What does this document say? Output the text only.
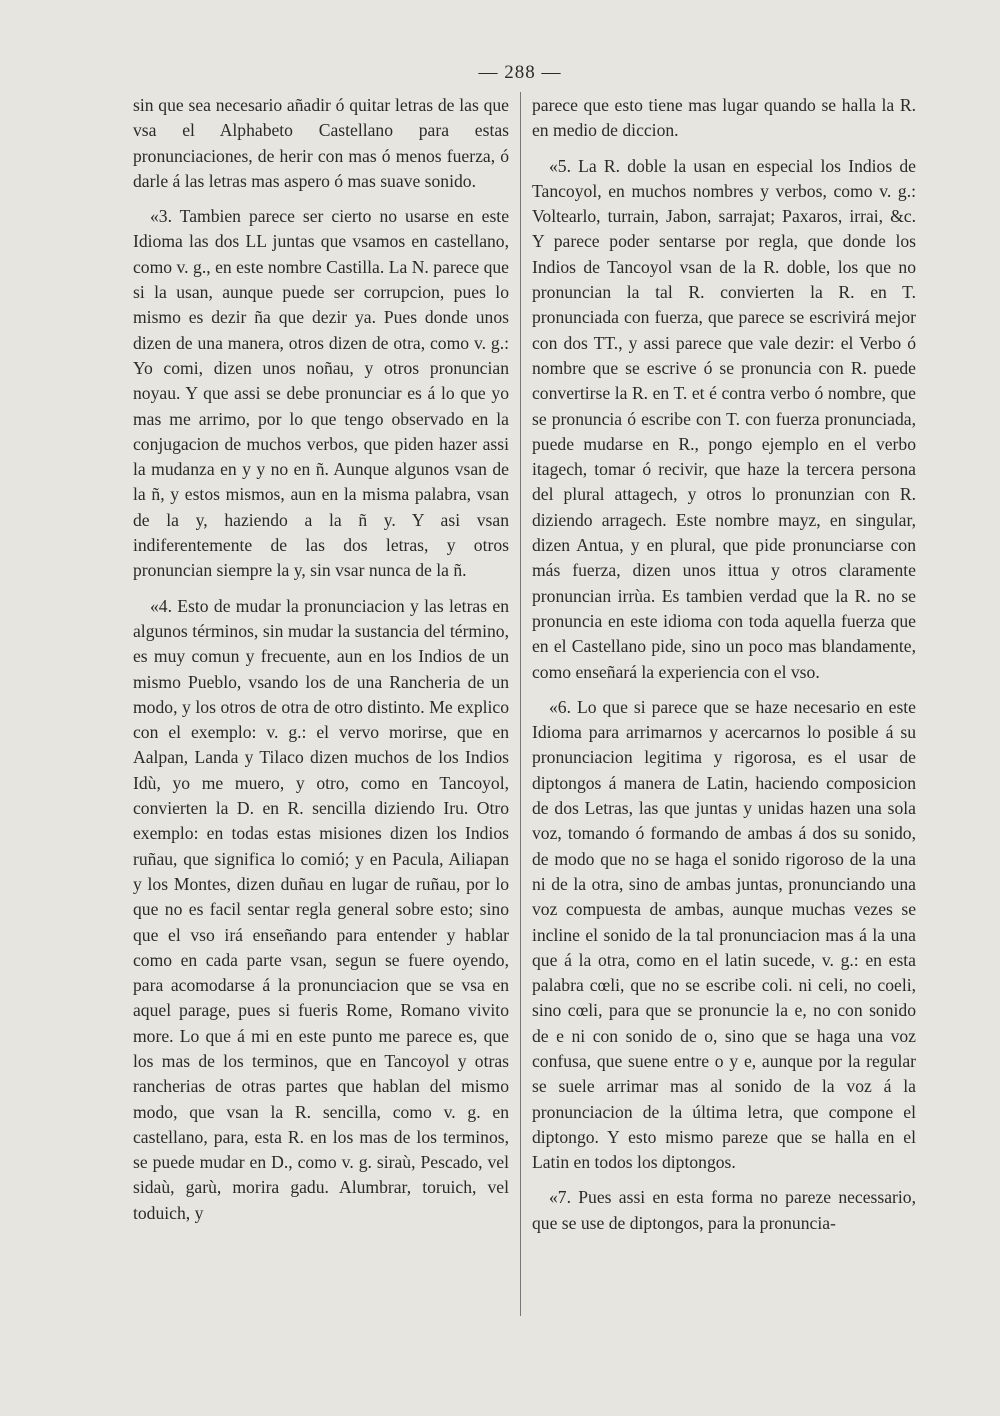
— 288 —

sin que sea necesario añadir ó quitar letras de las que vsa el Alphabeto Castellano para estas pronunciaciones, de herir con mas ó menos fuerza, ó darle á las letras mas aspero ó mas suave sonido.

«3. Tambien parece ser cierto no usarse en este Idioma las dos LL juntas que vsamos en castellano, como v. g., en este nombre Castilla. La N. parece que si la usan, aunque puede ser corrupcion, pues lo mismo es dezir ña que dezir ya. Pues donde unos dizen de una manera, otros dizen de otra, como v. g.: Yo comi, dizen unos noñau, y otros pronuncian noyau. Y que assi se debe pronunciar es á lo que yo mas me arrimo, por lo que tengo observado en la conjugacion de muchos verbos, que piden hazer assi la mudanza en y y no en ñ. Aunque algunos vsan de la ñ, y estos mismos, aun en la misma palabra, vsan de la y, haziendo a la ñ y. Y asi vsan indiferentemente de las dos letras, y otros pronuncian siempre la y, sin vsar nunca de la ñ.

«4. Esto de mudar la pronunciacion y las letras en algunos términos, sin mudar la sustancia del término, es muy comun y frecuente, aun en los Indios de un mismo Pueblo, vsando los de una Rancheria de un modo, y los otros de otra de otro distinto. Me explico con el exemplo: v. g.: el vervo morirse, que en Aalpan, Landa y Tilaco dizen muchos de los Indios Idù, yo me muero, y otro, como en Tancoyol, convierten la D. en R. sencilla diziendo Iru. Otro exemplo: en todas estas misiones dizen los Indios ruñau, que significa lo comió; y en Pacula, Ailiapan y los Montes, dizen duñau en lugar de ruñau, por lo que no es facil sentar regla general sobre esto; sino que el vso irá enseñando para entender y hablar como en cada parte vsan, segun se fuere oyendo, para acomodarse á la pronunciacion que se vsa en aquel parage, pues si fueris Rome, Romano vivito more. Lo que á mi en este punto me parece es, que los mas de los terminos, que en Tancoyol y otras rancherias de otras partes que hablan del mismo modo, que vsan la R. sencilla, como v. g. en castellano, para, esta R. en los mas de los terminos, se puede mudar en D., como v. g. siraù, Pescado, vel sidaù, garù, morira gadu. Alumbrar, toruich, vel toduich, y

parece que esto tiene mas lugar quando se halla la R. en medio de diccion.

«5. La R. doble la usan en especial los Indios de Tancoyol, en muchos nombres y verbos, como v. g.: Voltearlo, turrain, Jabon, sarrajat; Paxaros, irrai, &c. Y parece poder sentarse por regla, que donde los Indios de Tancoyol vsan de la R. doble, los que no pronuncian la tal R. convierten la R. en T. pronunciada con fuerza, que parece se escrivirá mejor con dos TT., y assi parece que vale dezir: el Verbo ó nombre que se escrive ó se pronuncia con R. puede convertirse la R. en T. et é contra verbo ó nombre, que se pronuncia ó escribe con T. con fuerza pronunciada, puede mudarse en R., pongo ejemplo en el verbo itagech, tomar ó recivir, que haze la tercera persona del plural attagech, y otros lo pronunzian con R. diziendo arragech. Este nombre mayz, en singular, dizen Antua, y en plural, que pide pronunciarse con más fuerza, dizen unos ittua y otros claramente pronuncian irrùa. Es tambien verdad que la R. no se pronuncia en este idioma con toda aquella fuerza que en el Castellano pide, sino un poco mas blandamente, como enseñará la experiencia con el vso.

«6. Lo que si parece que se haze necesario en este Idioma para arrimarnos y acercarnos lo posible á su pronunciacion legitima y rigorosa, es el usar de diptongos á manera de Latin, haciendo composicion de dos Letras, las que juntas y unidas hazen una sola voz, tomando ó formando de ambas á dos su sonido, de modo que no se haga el sonido rigoroso de la una ni de la otra, sino de ambas juntas, pronunciando una voz compuesta de ambas, aunque muchas vezes se incline el sonido de la tal pronunciacion mas á la una que á la otra, como en el latin sucede, v. g.: en esta palabra cœli, que no se escribe coli. ni celi, no coeli, sino cœli, para que se pronuncie la e, no con sonido de e ni con sonido de o, sino que se haga una voz confusa, que suene entre o y e, aunque por la regular se suele arrimar mas al sonido de la voz á la pronunciacion de la última letra, que compone el diptongo. Y esto mismo pareze que se halla en el Latin en todos los diptongos.

«7. Pues assi en esta forma no pareze necessario, que se use de diptongos, para la pronuncia-
